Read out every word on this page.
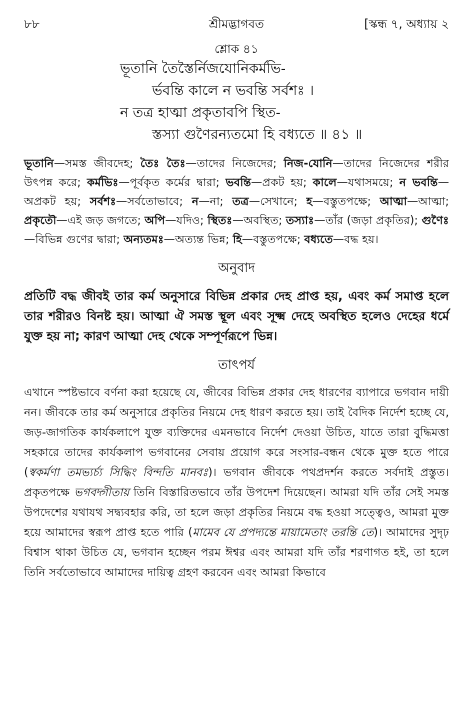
৮৮	শ্রীমদ্ভাগবত	[স্কন্ধ ৭, অধ্যায় ২
শ্লোক ৪১
ভূতানি তৈস্তৈর্নিজযোনিকর্মভি-
র্ভবন্তি কালে ন ভবন্তি সর্বশঃ ।
ন তত্র হাত্মা প্রকৃতাবপি স্থিত-
স্তস্যা গুণৈরন্যতমো হি বধ্যতে ॥ ৪১ ॥
ভূতানি—সমস্ত জীবদেহ; তৈঃ তৈঃ—তাদের নিজেদের; নিজ-যোনি—তাদের নিজেদের শরীর উৎপন্ন করে; কর্মভিঃ—পূর্বকৃত কর্মের দ্বারা; ভবন্তি—প্রকট হয়; কালে—যথাসময়ে; ন ভবন্তি—অপ্রকট হয়; সর্বশঃ—সর্বতোভাবে; ন—না; তত্র—সেখানে; হ—বস্তুতপক্ষে; আত্মা—আত্মা; প্রকৃতৌ—এই জড় জগতে; অপি—যদিও; স্থিতঃ—অবস্থিত; তস্যাঃ—তাঁর (জড়া প্রকৃতির); গুণৈঃ—বিভিন্ন গুণের দ্বারা; অন্যতমঃ—অত্যন্ত ভিন্ন; হি—বস্তুতপক্ষে; বধ্যতে—বদ্ধ হয়।
অনুবাদ
প্রতিটি বদ্ধ জীবই তার কর্ম অনুসারে বিভিন্ন প্রকার দেহ প্রাপ্ত হয়, এবং কর্ম সমাপ্ত হলে তার শরীরও বিনষ্ট হয়। আত্মা ঐ সমস্ত স্থূল এবং সূক্ষ্ম দেহে অবস্থিত হলেও দেহের ধর্মে যুক্ত হয় না; কারণ আত্মা দেহ থেকে সম্পূর্ণরূপে ভিন্ন।
তাৎপর্য
এখানে স্পষ্টভাবে বর্ণনা করা হয়েছে যে, জীবের বিভিন্ন প্রকার দেহ ধারণের ব্যাপারে ভগবান দায়ী নন। জীবকে তার কর্ম অনুসারে প্রকৃতির নিয়মে দেহ ধারণ করতে হয়। তাই বৈদিক নির্দেশ হচ্ছে যে, জড়-জাগতিক কার্যকলাপে যুক্ত ব্যক্তিদের এমনভাবে নির্দেশ দেওয়া উচিত, যাতে তারা বুদ্ধিমত্তা সহকারে তাদের কার্যকলাপ ভগবানের সেবায় প্রয়োগ করে সংসার-বন্ধন থেকে মুক্ত হতে পারে (স্বকর্মণা তমভ্যর্চ্য সিদ্ধিং বিন্দতি মানবঃ)। ভগবান জীবকে পথপ্রদর্শন করতে সর্বদাই প্রস্তুত। প্রকৃতপক্ষে ভগবদ্গীতায় তিনি বিস্তারিতভাবে তাঁর উপদেশ দিয়েছেন। আমরা যদি তাঁর সেই সমস্ত উপদেশের যথাযথ সদ্ব্যবহার করি, তা হলে জড়া প্রকৃতির নিয়মে বদ্ধ হওয়া সত্ত্বেও, আমরা মুক্ত হয়ে আমাদের স্বরূপ প্রাপ্ত হতে পারি (মামেব যে প্রপদ্যন্তে মায়ামেতাং তরন্তি তে)। আমাদের সুদৃঢ় বিশ্বাস থাকা উচিত যে, ভগবান হচ্ছেন পরম ঈশ্বর এবং আমরা যদি তাঁর শরণাগত হই, তা হলে তিনি সর্বতোভাবে আমাদের দায়িত্ব গ্রহণ করবেন এবং আমরা কিভাবে
